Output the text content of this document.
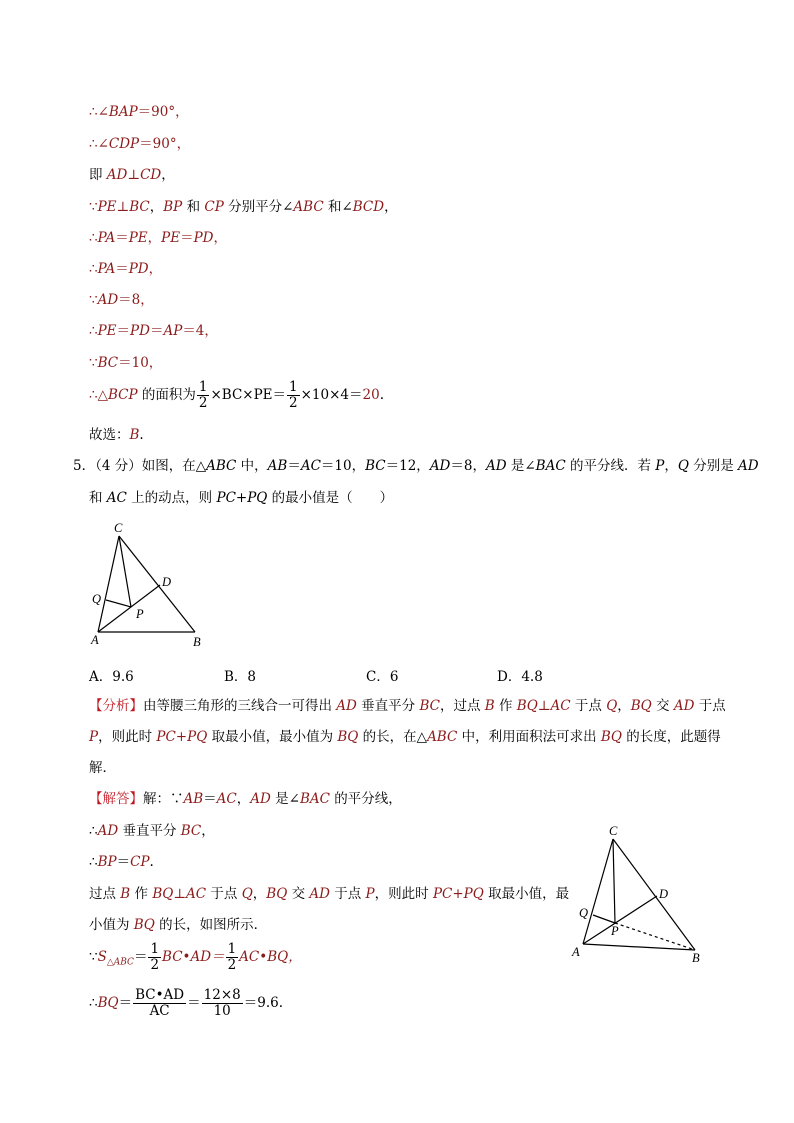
∴∠BAP＝90°，
∴∠CDP＝90°，
即 AD⊥CD，
∵PE⊥BC，BP 和 CP 分别平分∠ABC 和∠BCD，
∴PA＝PE，PE＝PD，
∴PA＝PD，
∵AD＝8，
∴PE＝PD＝AP＝4，
∵BC＝10，
∴△BCP 的面积为 $\frac{1}{2} \times BC\times PE= \frac{1}{2} \times 10\times 4=20$.
故选：B.
5．（4 分）如图，在△ABC 中，AB＝AC＝10，BC＝12，AD＝8，AD 是∠BAC 的平分线．若 P，Q 分别是 AD
和 AC 上的动点，则 PC+PQ 的最小值是（　　）
C
D
Q
P
A	B
A．9.6	B．8	C．6	D．4.8
【分析】由等腰三角形的三线合一可得出 AD 垂直平分 BC，过点 B 作 BQ⊥AC 于点 Q，BQ 交 AD 于点
P，则此时 PC+PQ 取最小值，最小值为 BQ 的长，在△ABC 中，利用面积法可求出 BQ 的长度，此题得
解．
【解答】解：∵AB＝AC，AD 是∠BAC 的平分线，
∴AD 垂直平分 BC，
∴BP＝CP.
过点 B 作 BQ⊥AC 于点 Q，BQ 交 AD 于点 P，则此时 PC+PQ 取最小值，最
小值为 BQ 的长，如图所示．
$\because S_{\triangle ABC}= \frac{1}{2}$ BC•AD＝ $\frac{1}{2}$ AC•BQ，
∴BQ＝ $\frac{BC•AD}{AC} = \frac{12\times 8}{10} =9.6$.
C
D
Q
P
A	B
